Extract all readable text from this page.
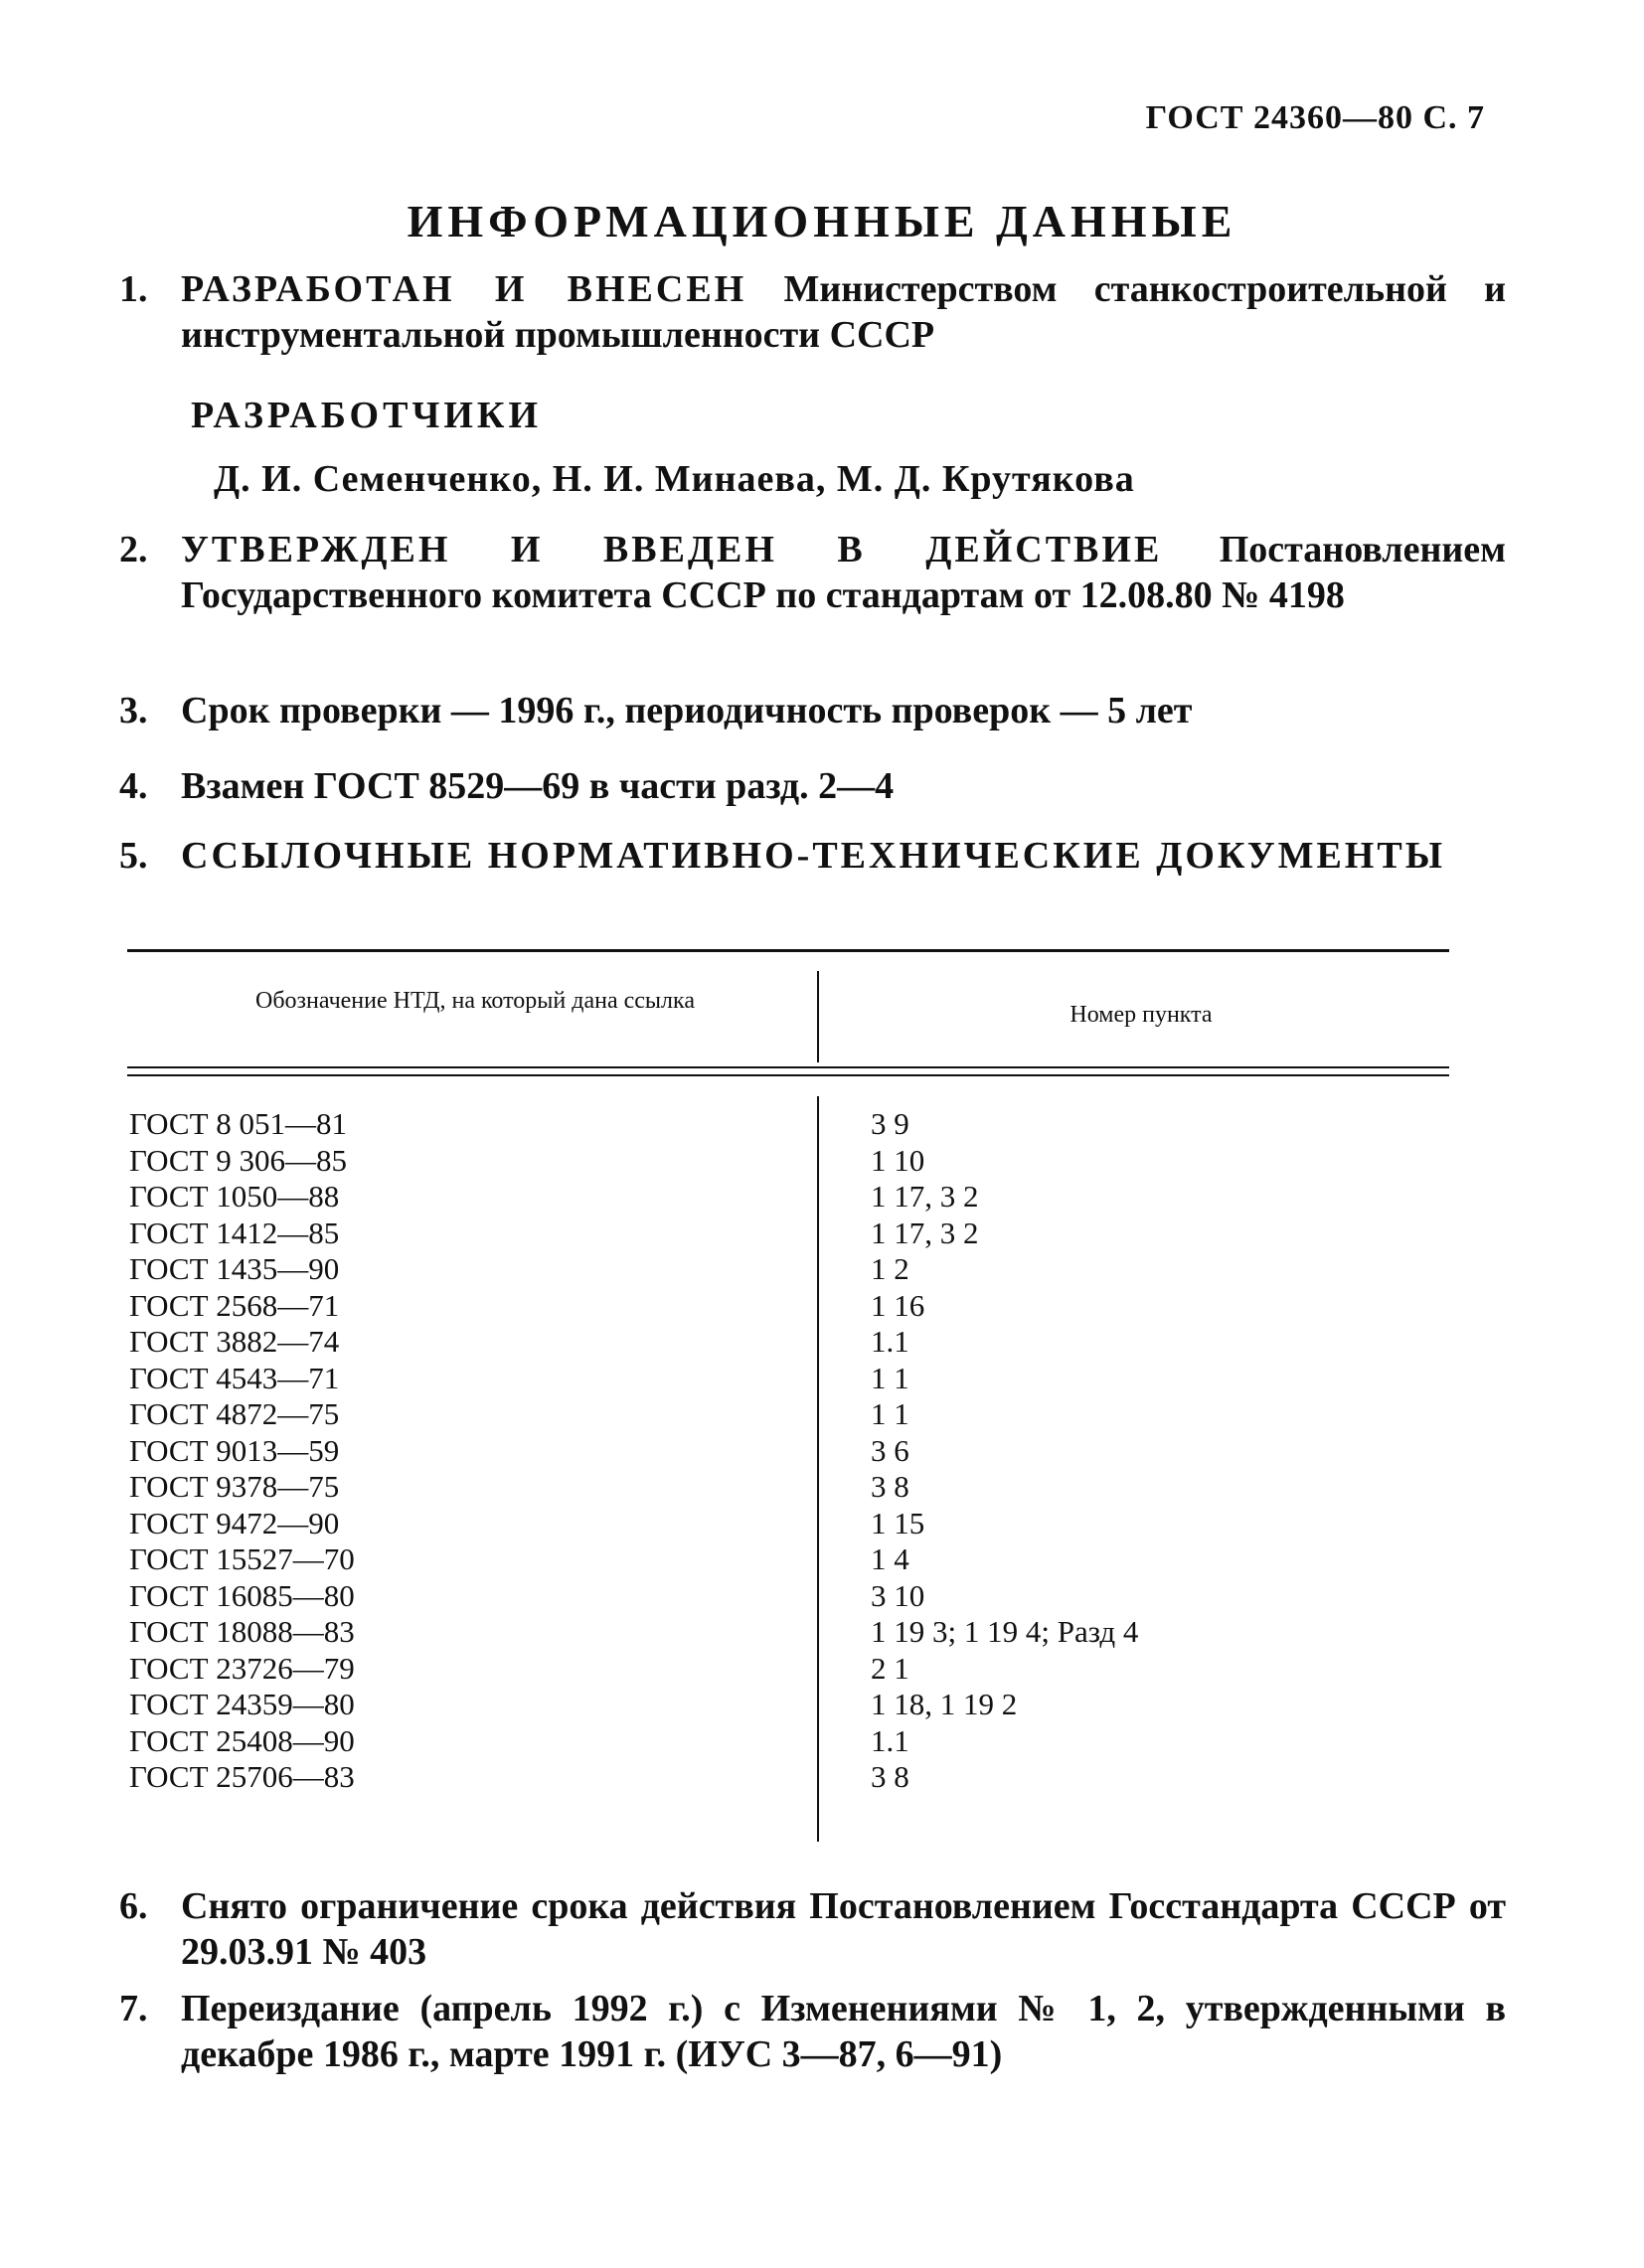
ГОСТ 24360—80 С. 7
ИНФОРМАЦИОННЫЕ ДАННЫЕ
1. РАЗРАБОТАН И ВНЕСЕН Министерством станкостроительной и инструментальной промышленности СССР
РАЗРАБОТЧИКИ
Д. И. Семенченко, Н. И. Минаева, М. Д. Крутякова
2. УТВЕРЖДЕН И ВВЕДЕН В ДЕЙСТВИЕ Постановлением Государственного комитета СССР по стандартам от 12.08.80 № 4198
3. Срок проверки — 1996 г., периодичность проверок — 5 лет
4. Взамен ГОСТ 8529—69 в части разд. 2—4
5. ССЫЛОЧНЫЕ НОРМАТИВНО-ТЕХНИЧЕСКИЕ ДОКУМЕНТЫ
Обозначение НТД, на который дана ссылка
Номер пункта
ГОСТ 8 051—81	3 9
ГОСТ 9 306—85	1 10
ГОСТ 1050—88	1 17, 3 2
ГОСТ 1412—85	1 17, 3 2
ГОСТ 1435—90	1 2
ГОСТ 2568—71	1 16
ГОСТ 3882—74	1.1
ГОСТ 4543—71	1 1
ГОСТ 4872—75	1 1
ГОСТ 9013—59	3 6
ГОСТ 9378—75	3 8
ГОСТ 9472—90	1 15
ГОСТ 15527—70	1 4
ГОСТ 16085—80	3 10
ГОСТ 18088—83	1 19 3; 1 19 4; Разд 4
ГОСТ 23726—79	2 1
ГОСТ 24359—80	1 18, 1 19 2
ГОСТ 25408—90	1.1
ГОСТ 25706—83	3 8
6. Снято ограничение срока действия Постановлением Госстандарта СССР от 29.03.91 № 403
7. Переиздание (апрель 1992 г.) с Изменениями № 1, 2, утвержденными в декабре 1986 г., марте 1991 г. (ИУС 3—87, 6—91)
